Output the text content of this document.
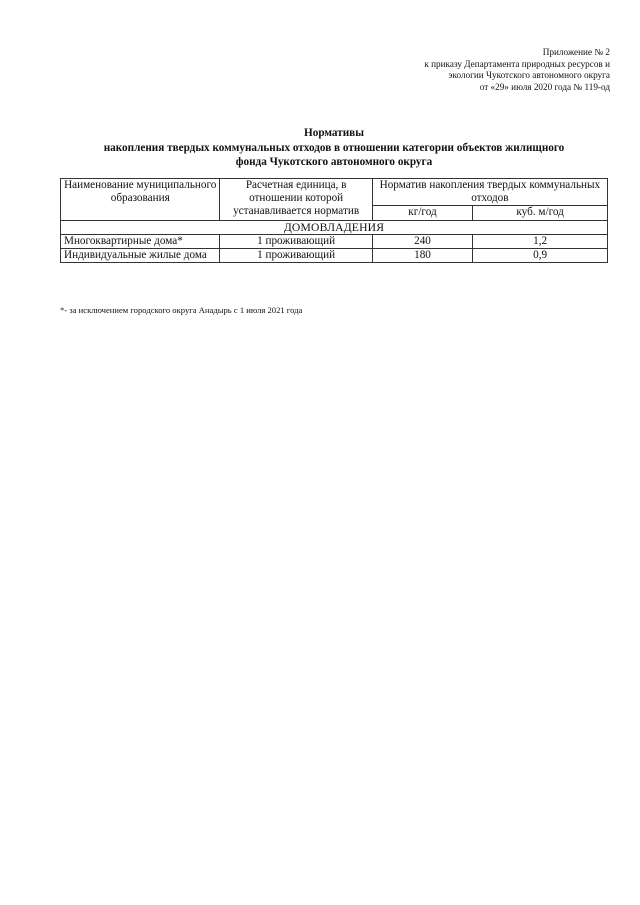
Приложение № 2
к приказу Департамента природных ресурсов и
экологии Чукотского автономного округа
от «29» июля 2020 года № 119-од
Нормативы
накопления твердых коммунальных отходов в отношении категории объектов жилищного
фонда Чукотского автономного округа
Наименование муниципального образования	Расчетная единица, в отношении которой устанавливается норматив	Норматив накопления твердых коммунальных отходов	
		кг/год	куб. м/год
ДОМОВЛАДЕНИЯ			
Многоквартирные дома*	1 проживающий	240	1,2
Индивидуальные жилые дома	1 проживающий	180	0,9
*- за исключением городского округа Анадырь с 1 июля 2021 года
